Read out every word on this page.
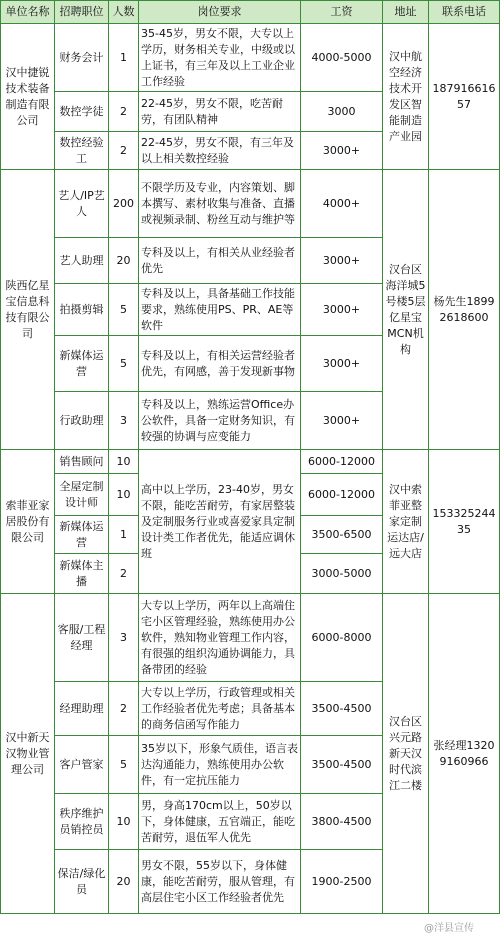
单位名称	招聘职位	人数	岗位要求	工资	地址	联系电话
汉中捷锐技术装备制造有限公司	财务会计	1	35-45岁，男女不限，大专以上学历，财务相关专业，中级或以上证书，有三年及以上工业企业工作经验	4000-5000	汉中航空经济技术开发区智能制造产业园	18791661657
	数控学徒	2	22-45岁，男女不限，吃苦耐劳，有团队精神	3000		
	数控经验工	2	22-45岁，男女不限，有三年及以上相关数控经验	3000+		
陕西亿星宝信息科技有限公司	艺人/IP艺人	200	不限学历及专业，内容策划、脚本撰写、素材收集与准备、直播或视频录制、粉丝互动与维护等	4000+	汉台区海洋城5号楼5层亿星宝MCN机构	杨先生18992618600
	艺人助理	20	专科及以上，有相关从业经验者优先	3000+		
	拍摄剪辑	5	专科及以上，具备基础工作技能要求，熟练使用PS、PR、AE等软件	3000+		
	新媒体运营	5	专科及以上，有相关运营经验者优先，有网感，善于发现新事物	3000+		
	行政助理	3	专科及以上，熟练运营Office办公软件，具备一定财务知识，有较强的协调与应变能力	3000+		
索菲亚家居股份有限公司	销售顾问	10	高中以上学历，23-40岁，男女不限，能吃苦耐劳，有家居整装及定制服务行业或喜爱家具定制设计类工作者优先，能适应调休班	6000-12000	汉中索菲亚整家定制运达店/远大店	15332524435
	全屋定制设计师	10		6000-12000		
	新媒体运营	1		3500-6500		
	新媒体主播	2		3000-5000		
汉中新天汉物业管理公司	客服/工程经理	3	大专以上学历，两年以上高端住宅小区管理经验，熟练使用办公软件，熟知物业管理工作内容，有很强的组织沟通协调能力，具备带团的经验	6000-8000	汉台区兴元路新天汉时代滨江二楼	张经理13209160966
	经理助理	2	大专以上学历，行政管理或相关工作经验者优先考虑；具备基本的商务信函写作能力	3500-4500		
	客户管家	5	35岁以下，形象气质佳，语言表达沟通能力，熟练使用办公软件，有一定抗压能力	3500-4500		
	秩序维护员销控员	10	男，身高170cm以上，50岁以下，身体健康，五官端正，能吃苦耐劳，退伍军人优先	3800-4500		
	保洁/绿化员	20	男女不限，55岁以下，身体健康，能吃苦耐劳，服从管理，有高层住宅小区工作经验者优先	1900-2500		
@洋县宣传
